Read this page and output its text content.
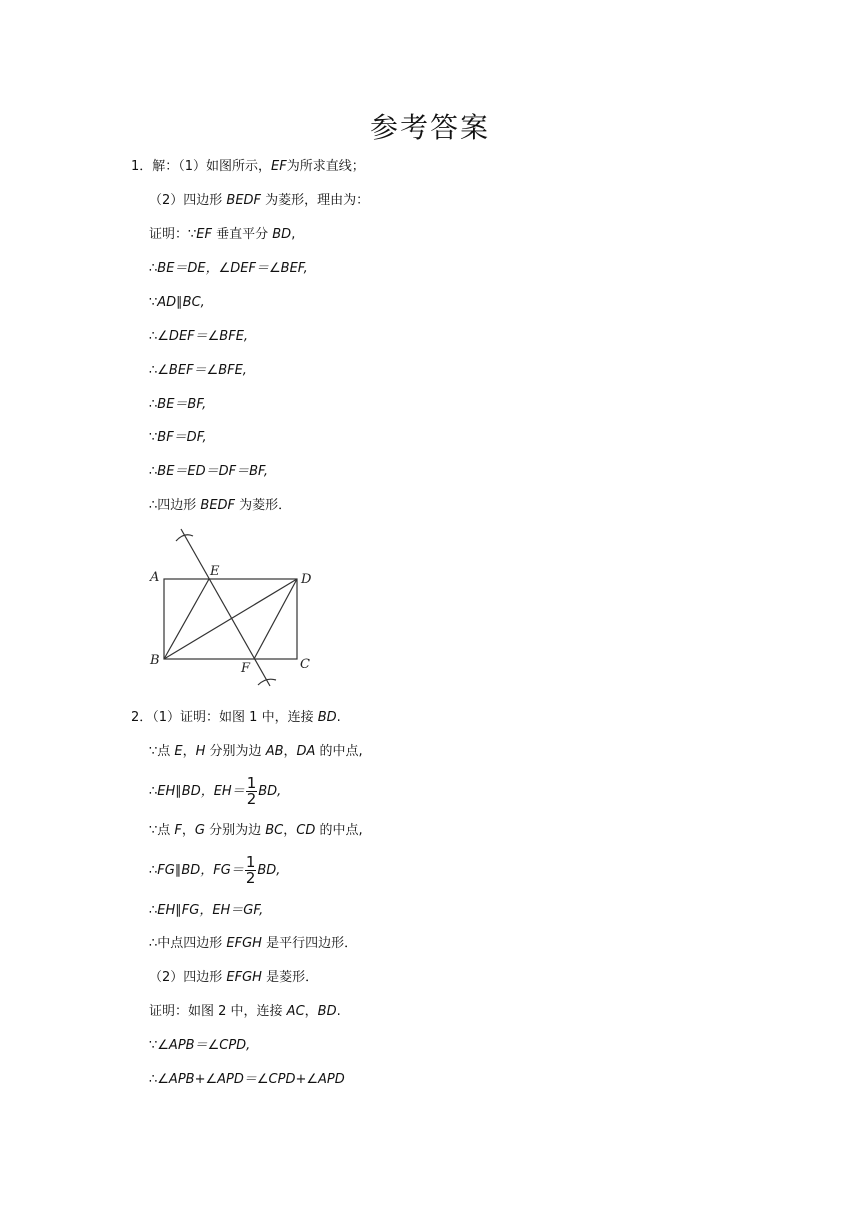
参考答案
1．解：（1）如图所示，EF为所求直线；
（2）四边形 BEDF 为菱形，理由为：
证明：∵EF 垂直平分 BD,
∴BE＝DE，∠DEF＝∠BEF,
∵AD∥BC,
∴∠DEF＝∠BFE,
∴∠BEF＝∠BFE,
∴BE＝BF,
∵BF＝DF,
∴BE＝ED＝DF＝BF,
∴四边形 BEDF 为菱形．
A	E
D
B
F	C
2．（1）证明：如图 1 中，连接 BD.
∵点 E，H 分别为边 AB，DA 的中点,
∴EH∥BD，$EH= \frac{1}{2}$ BD,
∵点 F，G 分别为边 BC，CD 的中点,
∴FG∥BD，$FG= \frac{1}{2}$ BD,
∴EH∥FG，EH＝GF,
∴中点四边形 EFGH 是平行四边形．
（2）四边形 EFGH 是菱形．
证明：如图 2 中，连接 AC，BD.
∵∠APB＝∠CPD,
∴∠APB+∠APD＝∠CPD+∠APD
